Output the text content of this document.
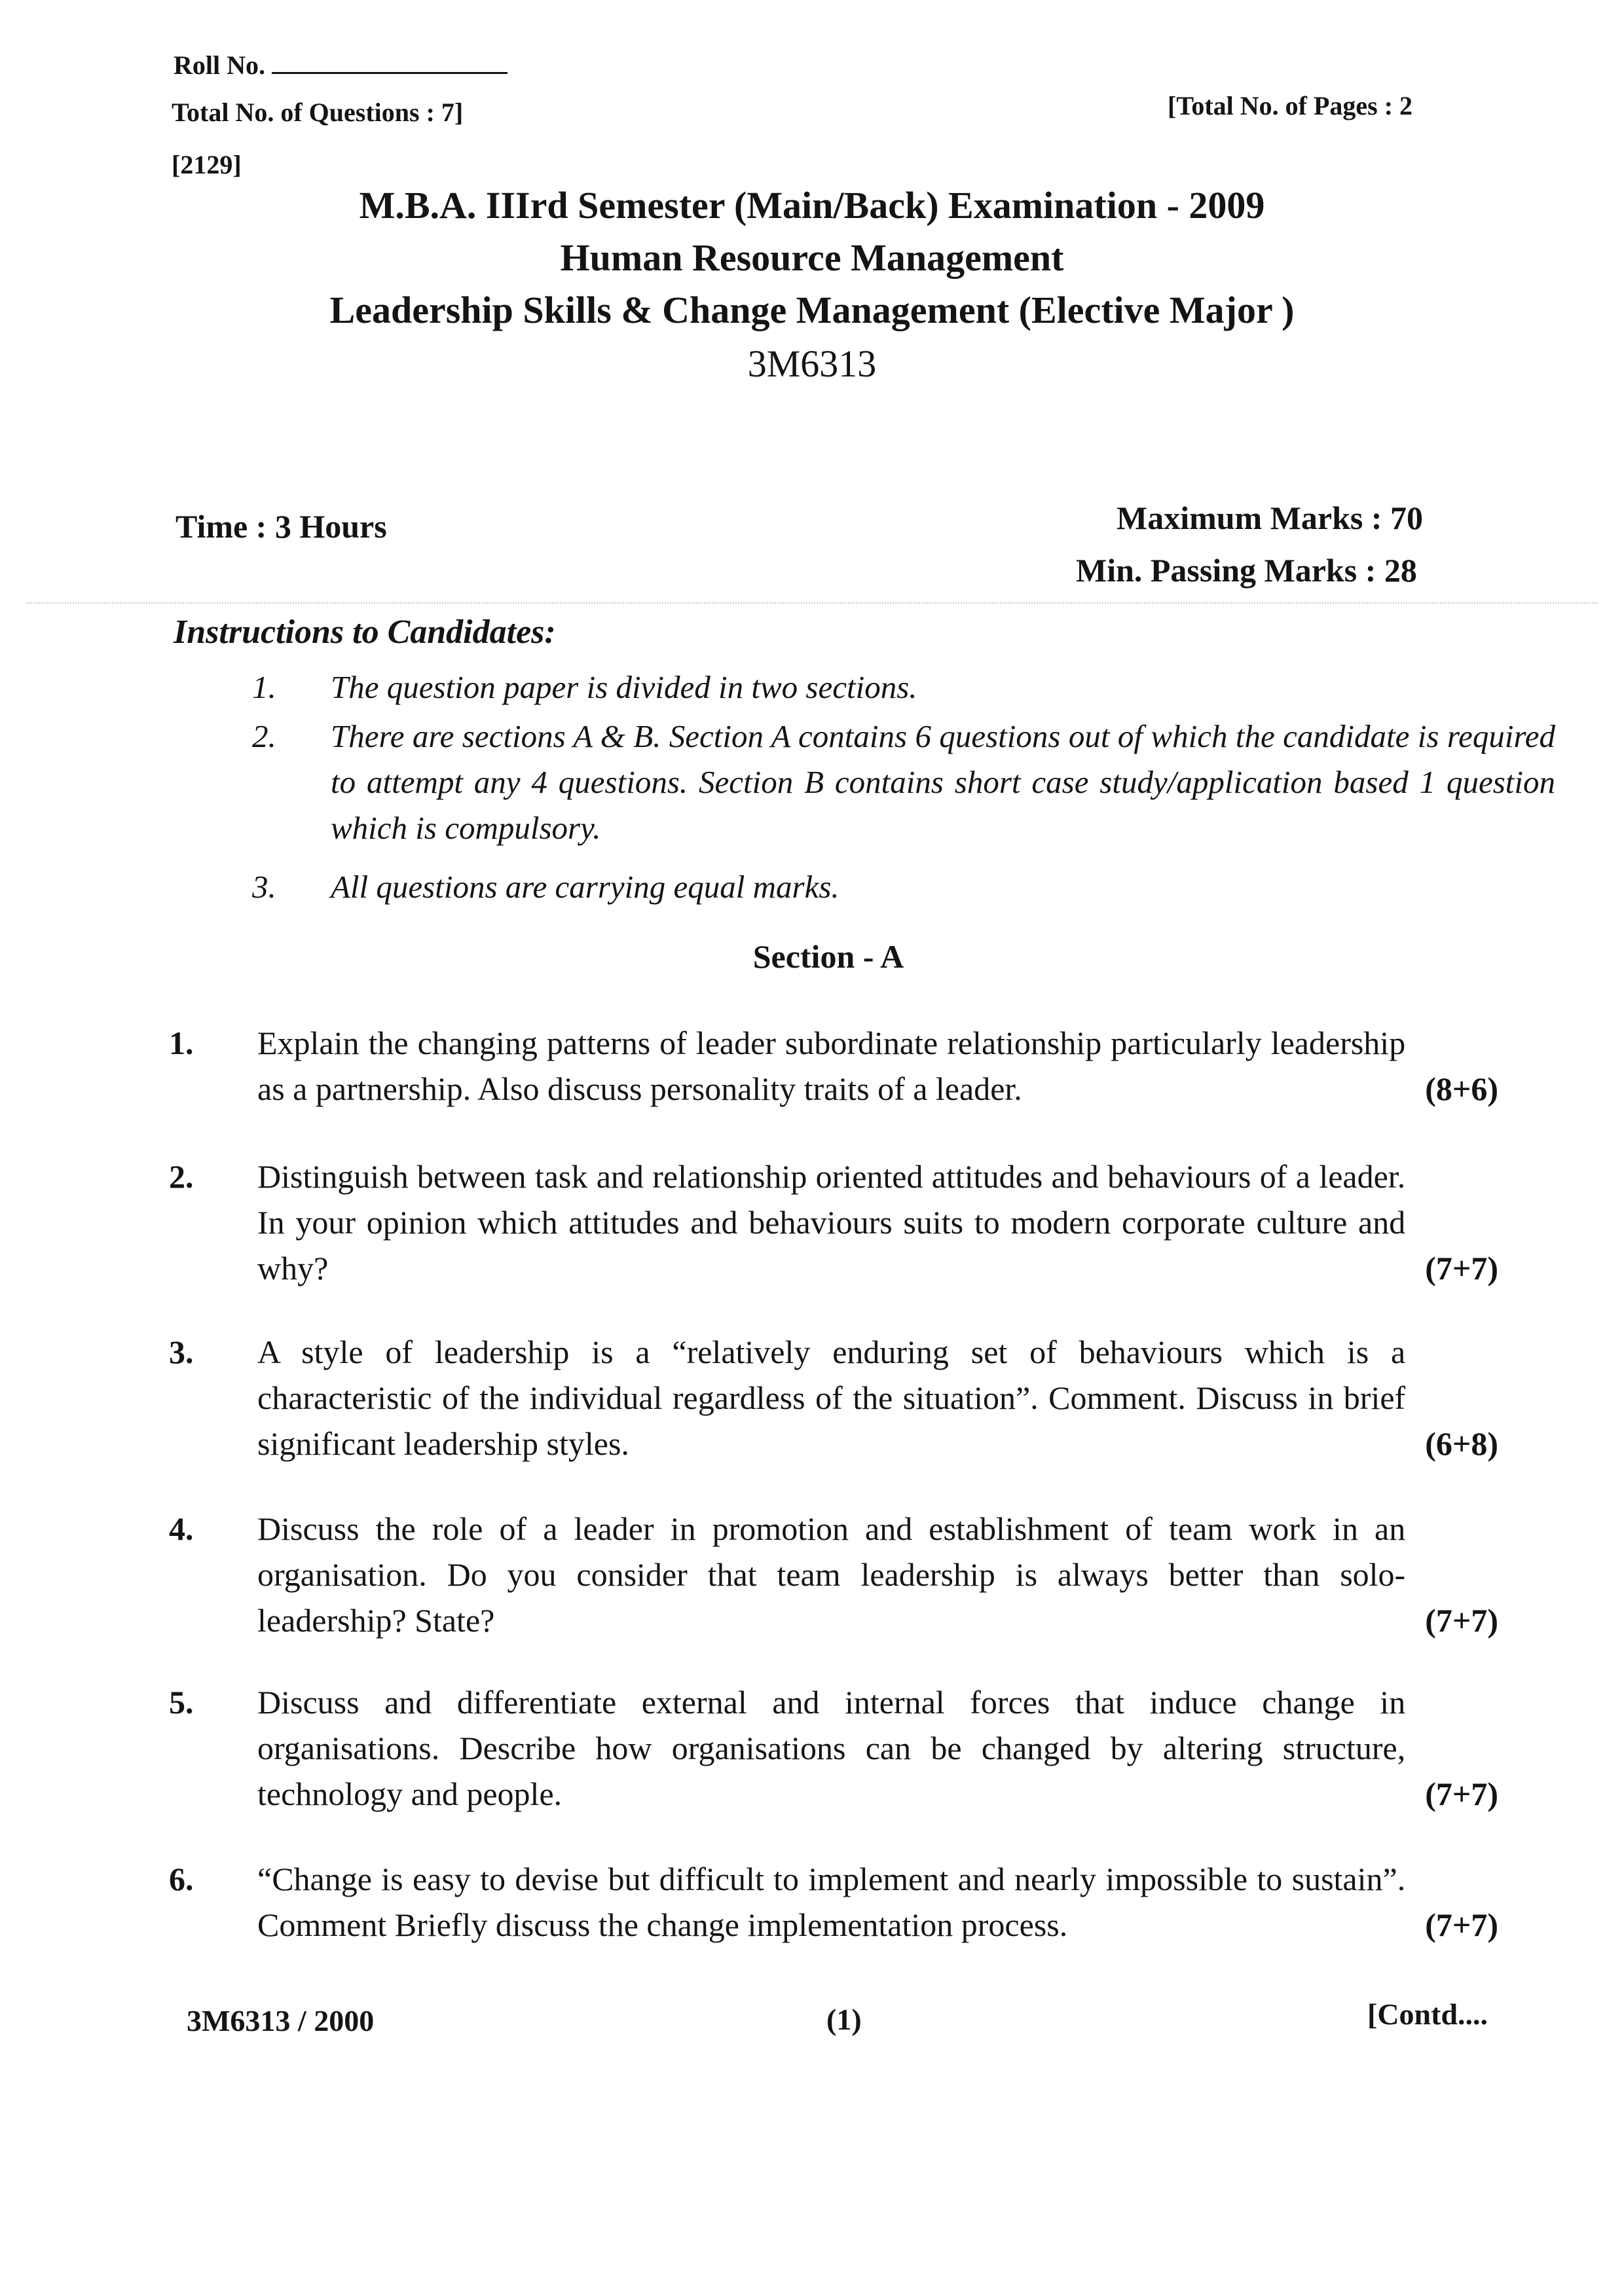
Roll No.
Total No. of Questions : 7]	[Total No. of Pages : 2
[2129]
M.B.A. IIIrd Semester (Main/Back) Examination - 2009
Human Resource Management
Leadership Skills & Change Management (Elective Major )
3M6313
Time : 3 Hours	Maximum Marks : 70
Min. Passing Marks : 28
Instructions to Candidates:
1. The question paper is divided in two sections.
2. There are sections A & B. Section A contains 6 questions out of which the candidate is required to attempt any 4 questions. Section B contains short case study/application based 1 question which is compulsory.
3. All questions are carrying equal marks.
Section - A
1.
(8+6)
Explain the changing patterns of leader subordinate relationship particularly leadership as a partnership. Also discuss personality traits of a leader.
2.
(7+7)
Distinguish between task and relationship oriented attitudes and behaviours of a leader. In your opinion which attitudes and behaviours suits to modern corporate culture and why?
3.
(6+8)
A style of leadership is a “relatively enduring set of behaviours which is a characteristic of the individual regardless of the situation”. Comment. Discuss in brief significant leadership styles.
4.
(7+7)
Discuss the role of a leader in promotion and establishment of team work in an organisation. Do you consider that team leadership is always better than solo-leadership? State?
5.
(7+7)
Discuss and differentiate external and internal forces that induce change in organisations. Describe how organisations can be changed by altering structure, technology and people.
6.
(7+7)
“Change is easy to devise but difficult to implement and nearly impossible to sustain”. Comment Briefly discuss the change implementation process.
3M6313 / 2000	(1)	[Contd....
